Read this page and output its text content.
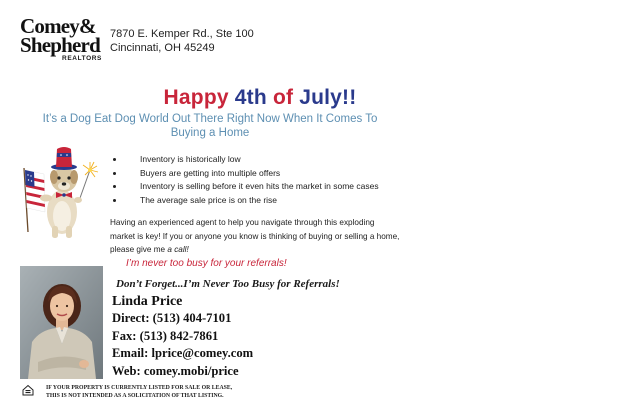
Comey&
Shepherd
REALTORS
7870 E. Kemper Rd., Ste 100
Cincinnati, OH 45249
Happy 4th of July!!
It’s a Dog Eat Dog World Out There Right Now When It Comes To Buying a Home
Inventory is historically low
Buyers are getting into multiple offers
Inventory is selling before it even hits the market in some cases
The average sale price is on the rise
Having an experienced agent to help you navigate through this exploding market is key! If you or anyone you know is thinking of buying or selling a home, please give me a call!
I’m never too busy for your referrals!
Don’t Forget...I’m Never Too Busy for Referrals!
Linda Price
Direct: (513) 404-7101
Fax: (513) 842-7861
Email: lprice@comey.com
Web: comey.mobi/price
IF YOUR PROPERTY IS CURRENTLY LISTED FOR SALE OR LEASE,
THIS IS NOT INTENDED AS A SOLICITATION OF THAT LISTING.
